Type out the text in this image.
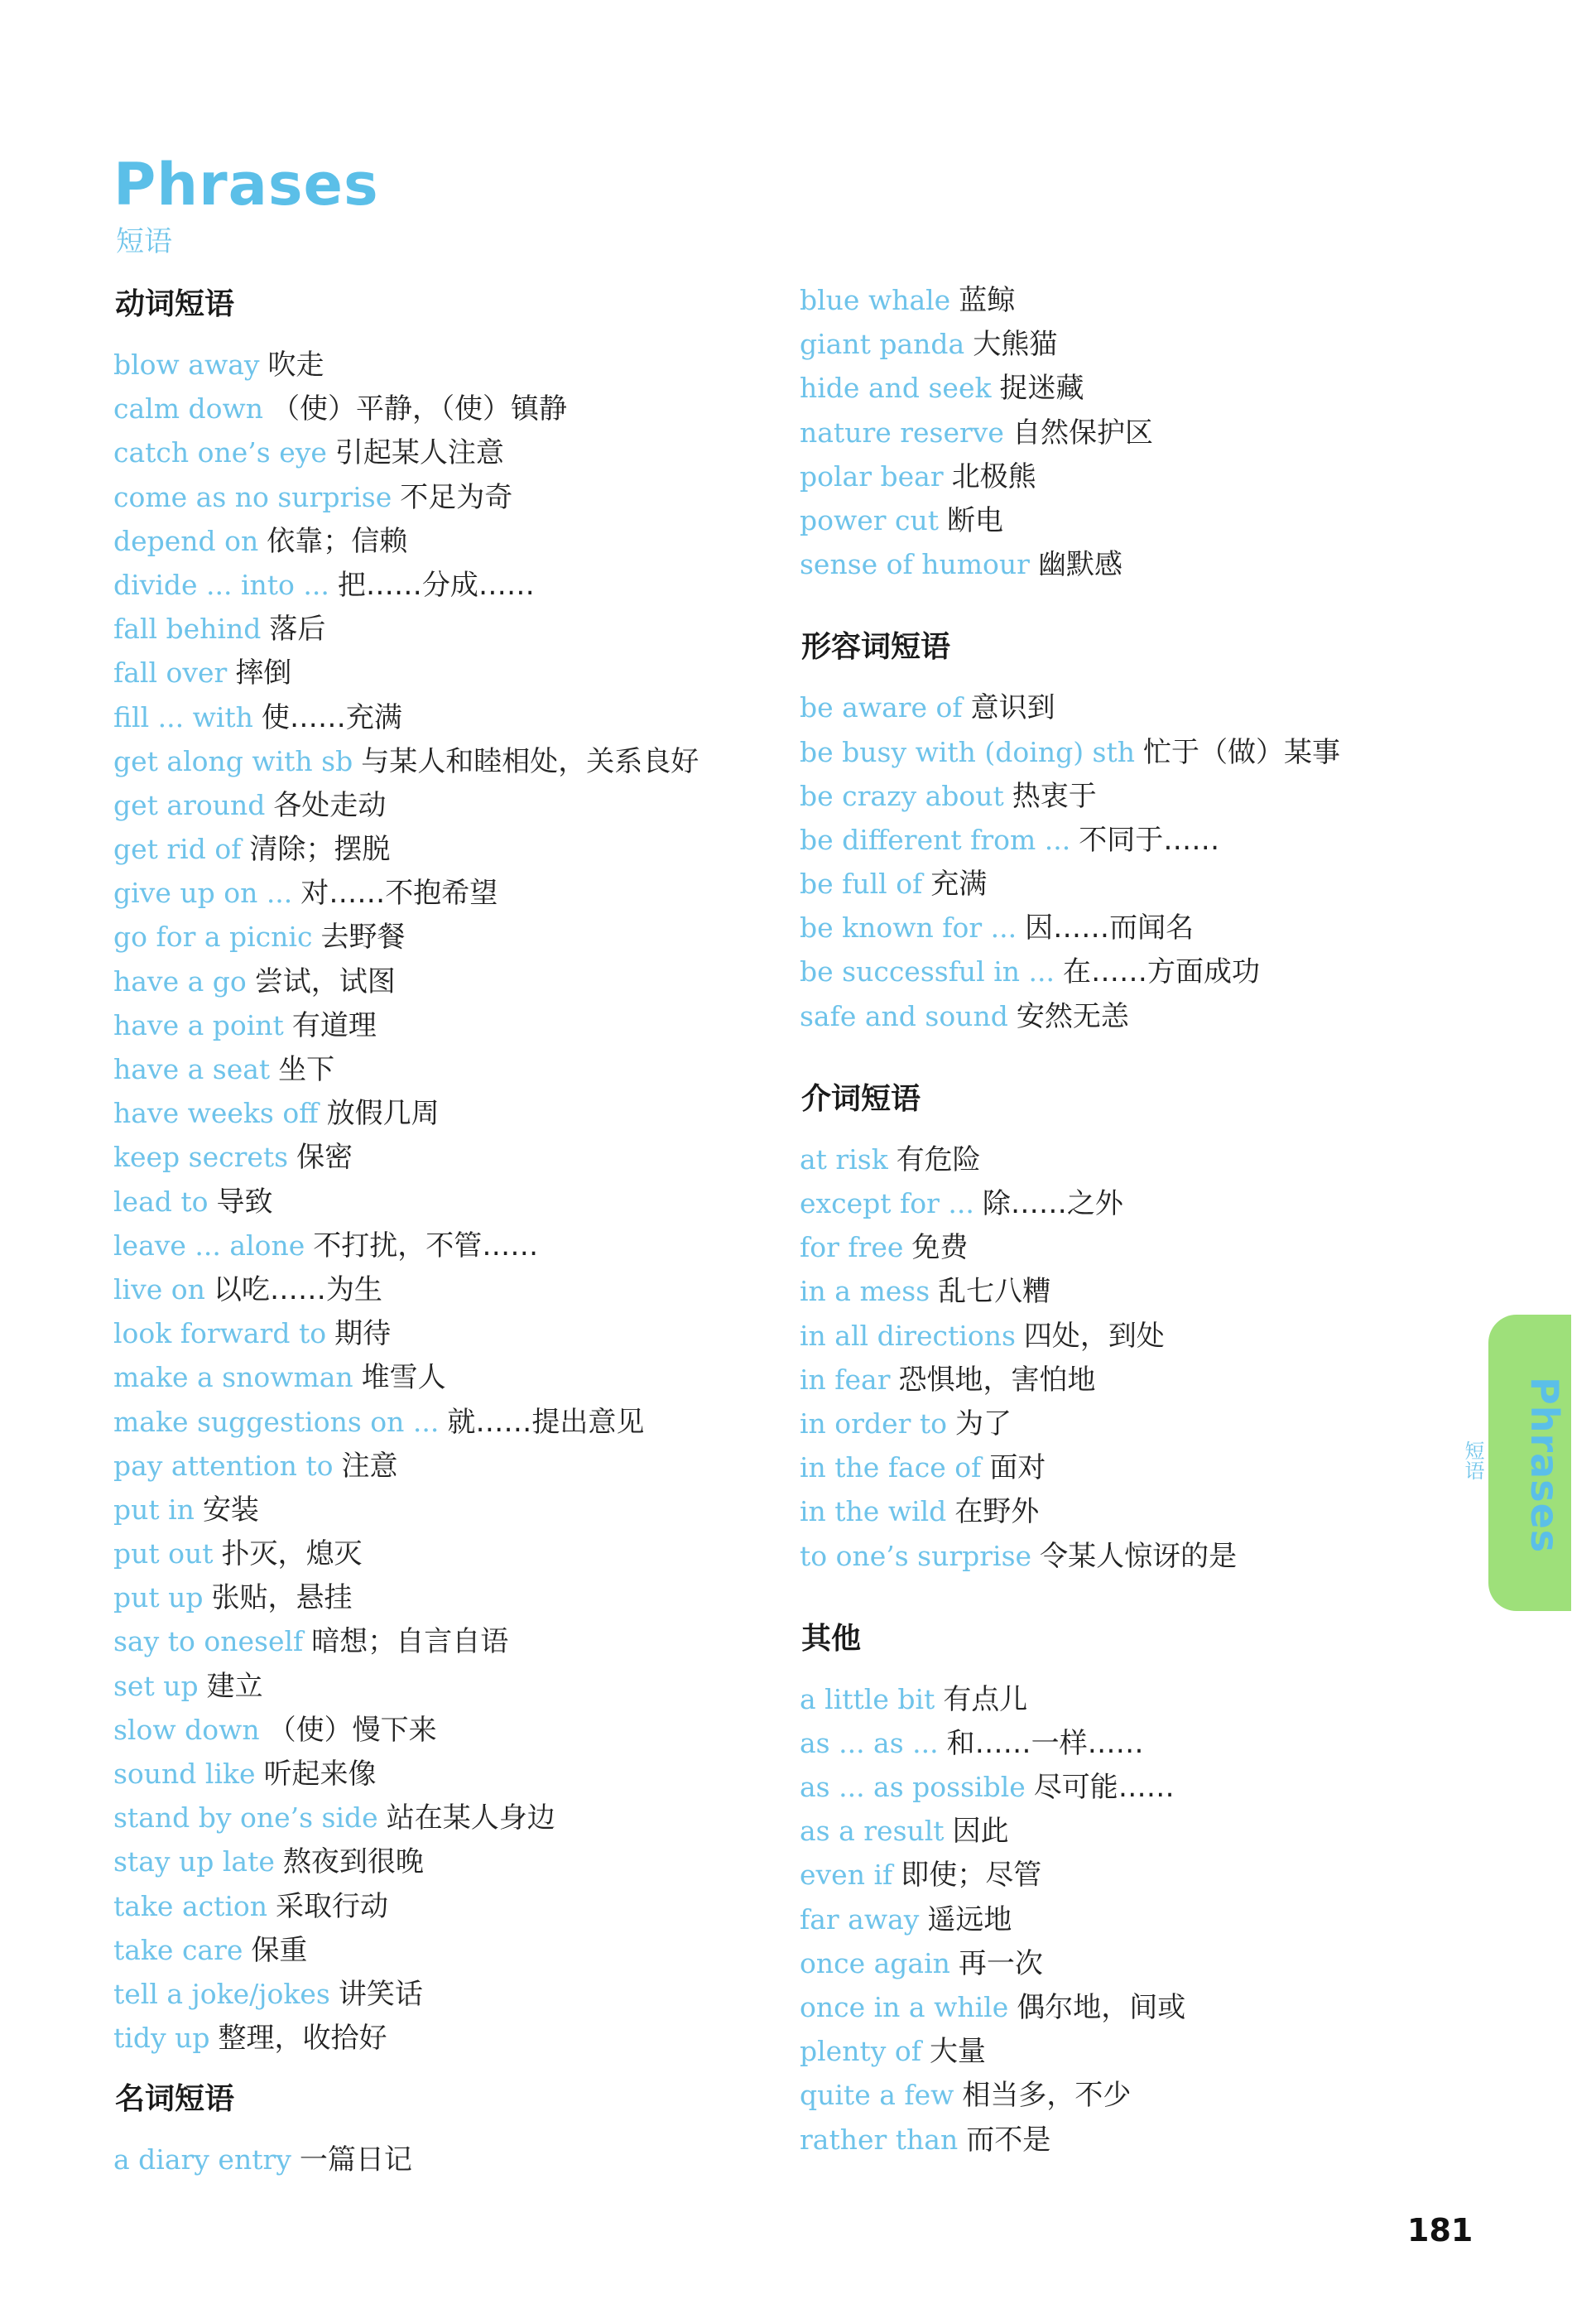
Phrases
短语
动词短语
blow away 吹走
calm down （使）平静，（使）镇静
catch one’s eye 引起某人注意
come as no surprise 不足为奇
depend on 依靠；信赖
divide ... into ... 把……分成……
fall behind 落后
fall over 摔倒
fill ... with 使……充满
get along with sb 与某人和睦相处，关系良好
get around 各处走动
get rid of 清除；摆脱
give up on ... 对……不抱希望
go for a picnic 去野餐
have a go 尝试，试图
have a point 有道理
have a seat 坐下
have weeks off 放假几周
keep secrets 保密
lead to 导致
leave ... alone 不打扰，不管……
live on 以吃……为生
look forward to 期待
make a snowman 堆雪人
make suggestions on ... 就……提出意见
pay attention to 注意
put in 安装
put out 扑灭，熄灭
put up 张贴，悬挂
say to oneself 暗想；自言自语
set up 建立
slow down （使）慢下来
sound like 听起来像
stand by one’s side 站在某人身边
stay up late 熬夜到很晚
take action 采取行动
take care 保重
tell a joke/jokes 讲笑话
tidy up 整理，收拾好
名词短语
a diary entry 一篇日记
blue whale 蓝鲸
giant panda 大熊猫
hide and seek 捉迷藏
nature reserve 自然保护区
polar bear 北极熊
power cut 断电
sense of humour 幽默感
形容词短语
be aware of 意识到
be busy with (doing) sth 忙于（做）某事
be crazy about 热衷于
be different from ... 不同于……
be full of 充满
be known for ... 因……而闻名
be successful in ... 在……方面成功
safe and sound 安然无恙
介词短语
at risk 有危险
except for ... 除……之外
for free 免费
in a mess 乱七八糟
in all directions 四处，到处
in fear 恐惧地，害怕地
in order to 为了
in the face of 面对
in the wild 在野外
to one’s surprise 令某人惊讶的是
其他
a little bit 有点儿
as ... as ... 和……一样……
as ... as possible 尽可能……
as a result 因此
even if 即使；尽管
far away 遥远地
once again 再一次
once in a while 偶尔地，间或
plenty of 大量
quite a few 相当多，不少
rather than 而不是
Phrases
短语
181
